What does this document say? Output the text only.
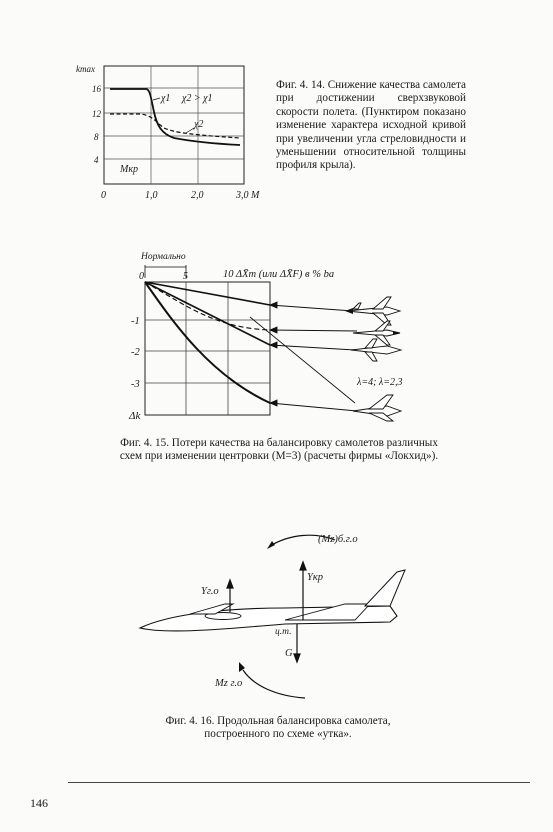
kmax
16
12
8
4
0	1,0	2,0	3,0 M
χ1 χ2 > χ1
χ2
Mкр
Фиг. 4. 14. Снижение качества самолета при достижении сверхзвуковой скорости полета. (Пунктиром показано изменение характера исходной кривой при увеличении угла стреловидности и уменьшении относительной толщины профиля крыла).
Нормально
10 ΔX̄т (или ΔX̄F) в % bа
0	5
-1
-2
-3
Δk
λ=4; λ=2,3
Фиг. 4. 15. Потери качества на балансировку самолетов различных схем при изменении центровки (M=3) (расчеты фирмы «Локхид»).
(Mz)б.г.о
Yг.о
Yкр
ц.т.
G
Mz г.о
Фиг. 4. 16. Продольная балансировка самолета, построенного по схеме «утка».
146
